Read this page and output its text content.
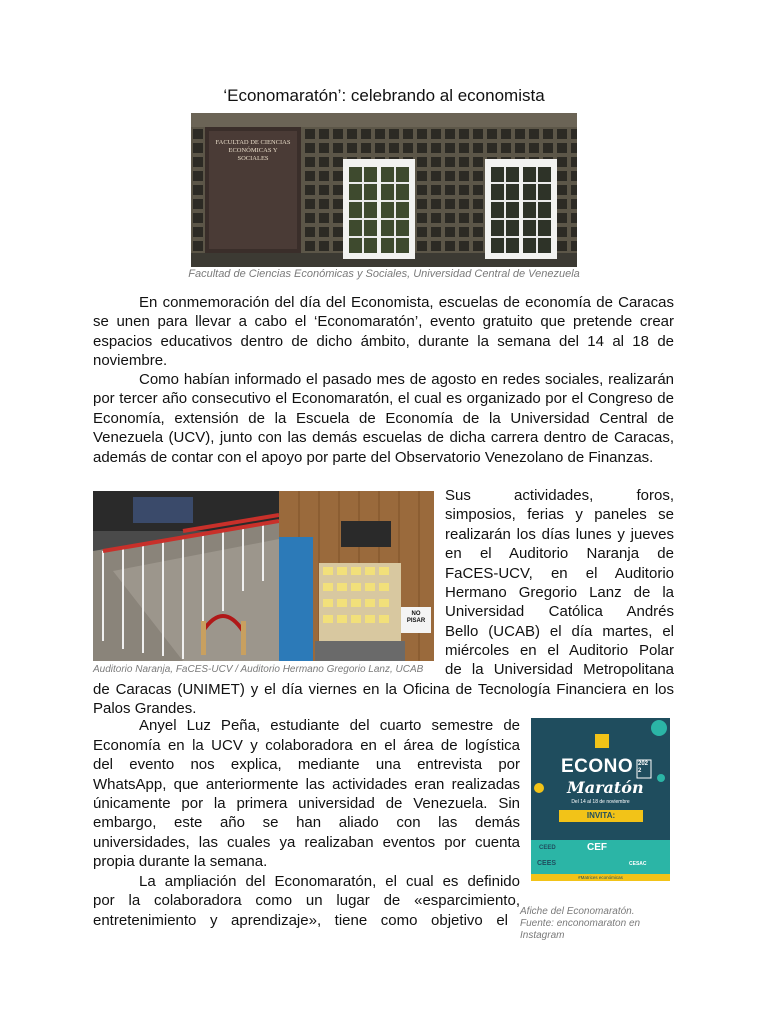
‘Economaratón’: celebrando al economista
FACULTAD DE CIENCIAS ECONÓMICAS Y SOCIALES
Facultad de Ciencias Económicas y Sociales, Universidad Central de Venezuela

En conmemoración del día del Economista, escuelas de economía de Caracas se unen para llevar a cabo el ‘Economaratón’, evento gratuito que pretende crear espacios educativos dentro de dicho ámbito, durante la semana del 14 al 18 de noviembre.

Como habían informado el pasado mes de agosto en redes sociales, realizarán por tercer año consecutivo el Economaratón, el cual es organizado por el Congreso de Economía, extensión de la Escuela de Economía de la Universidad Central de Venezuela (UCV), junto con las demás escuelas de dicha carrera dentro de Caracas, además de contar con el apoyo por parte del Observatorio Venezolano de Finanzas.

NO PISAR
Auditorio Naranja, FaCES-UCV / Auditorio Hermano Gregorio Lanz, UCAB
Sus actividades, foros,
simposios, ferias y paneles se
realizarán los días lunes y jueves
en el Auditorio Naranja de
FaCES-UCV, en el Auditorio
Hermano Gregorio Lanz de la
Universidad Católica Andrés
Bello (UCAB) el día martes, el
miércoles en el Auditorio Polar
de la Universidad Metropolitana

de Caracas (UNIMET) y el día viernes en la Oficina de Tecnología Financiera en los Palos Grandes.

Anyel Luz Peña, estudiante del cuarto semestre de
Economía en la UCV y colaboradora en el área de logística
del evento nos explica, mediante una entrevista por
WhatsApp, que anteriormente las actividades eran realizadas
únicamente por la primera universidad de Venezuela. Sin
embargo, este año se han aliado con las demás
universidades, las cuales ya realizaban eventos por cuenta
propia durante la semana.
La ampliación del Economaratón, el cual es definido
por la colaboradora como un lugar de «esparcimiento,
entretenimiento y aprendizaje», tiene como objetivo el
ECONO 2022
Maratón
Del 14 al 18 de noviembre
INVITA:
CEED	CEF
CEES	CESAC
#Matrices económicas
Afiche del Economaratón. Fuente: enconomaraton en Instagram
